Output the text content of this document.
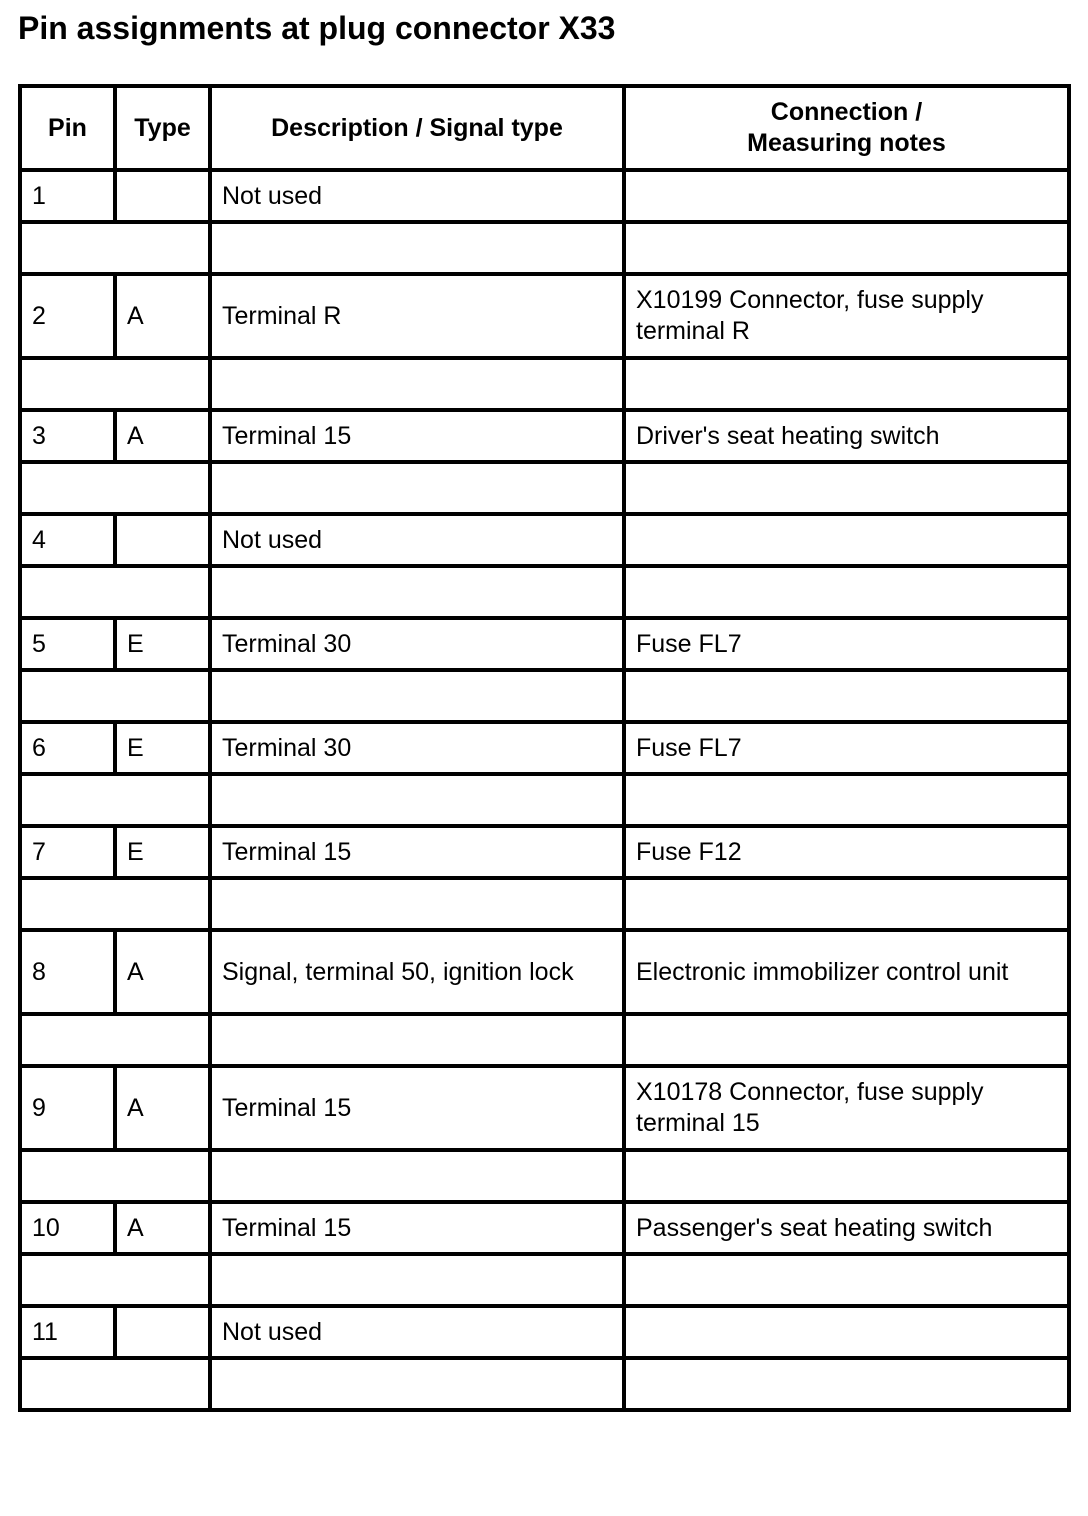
Pin assignments at plug connector X33
Pin	Type	Description / Signal type	Connection /
Measuring notes
1		Not used	

2	A	Terminal R	X10199 Connector, fuse supply terminal R

3	A	Terminal 15	Driver's seat heating switch

4		Not used	

5	E	Terminal 30	Fuse FL7

6	E	Terminal 30	Fuse FL7

7	E	Terminal 15	Fuse F12

8	A	Signal, terminal 50, ignition lock	Electronic immobilizer control unit

9	A	Terminal 15	X10178 Connector, fuse supply terminal 15

10	A	Terminal 15	Passenger's seat heating switch

11		Not used	
